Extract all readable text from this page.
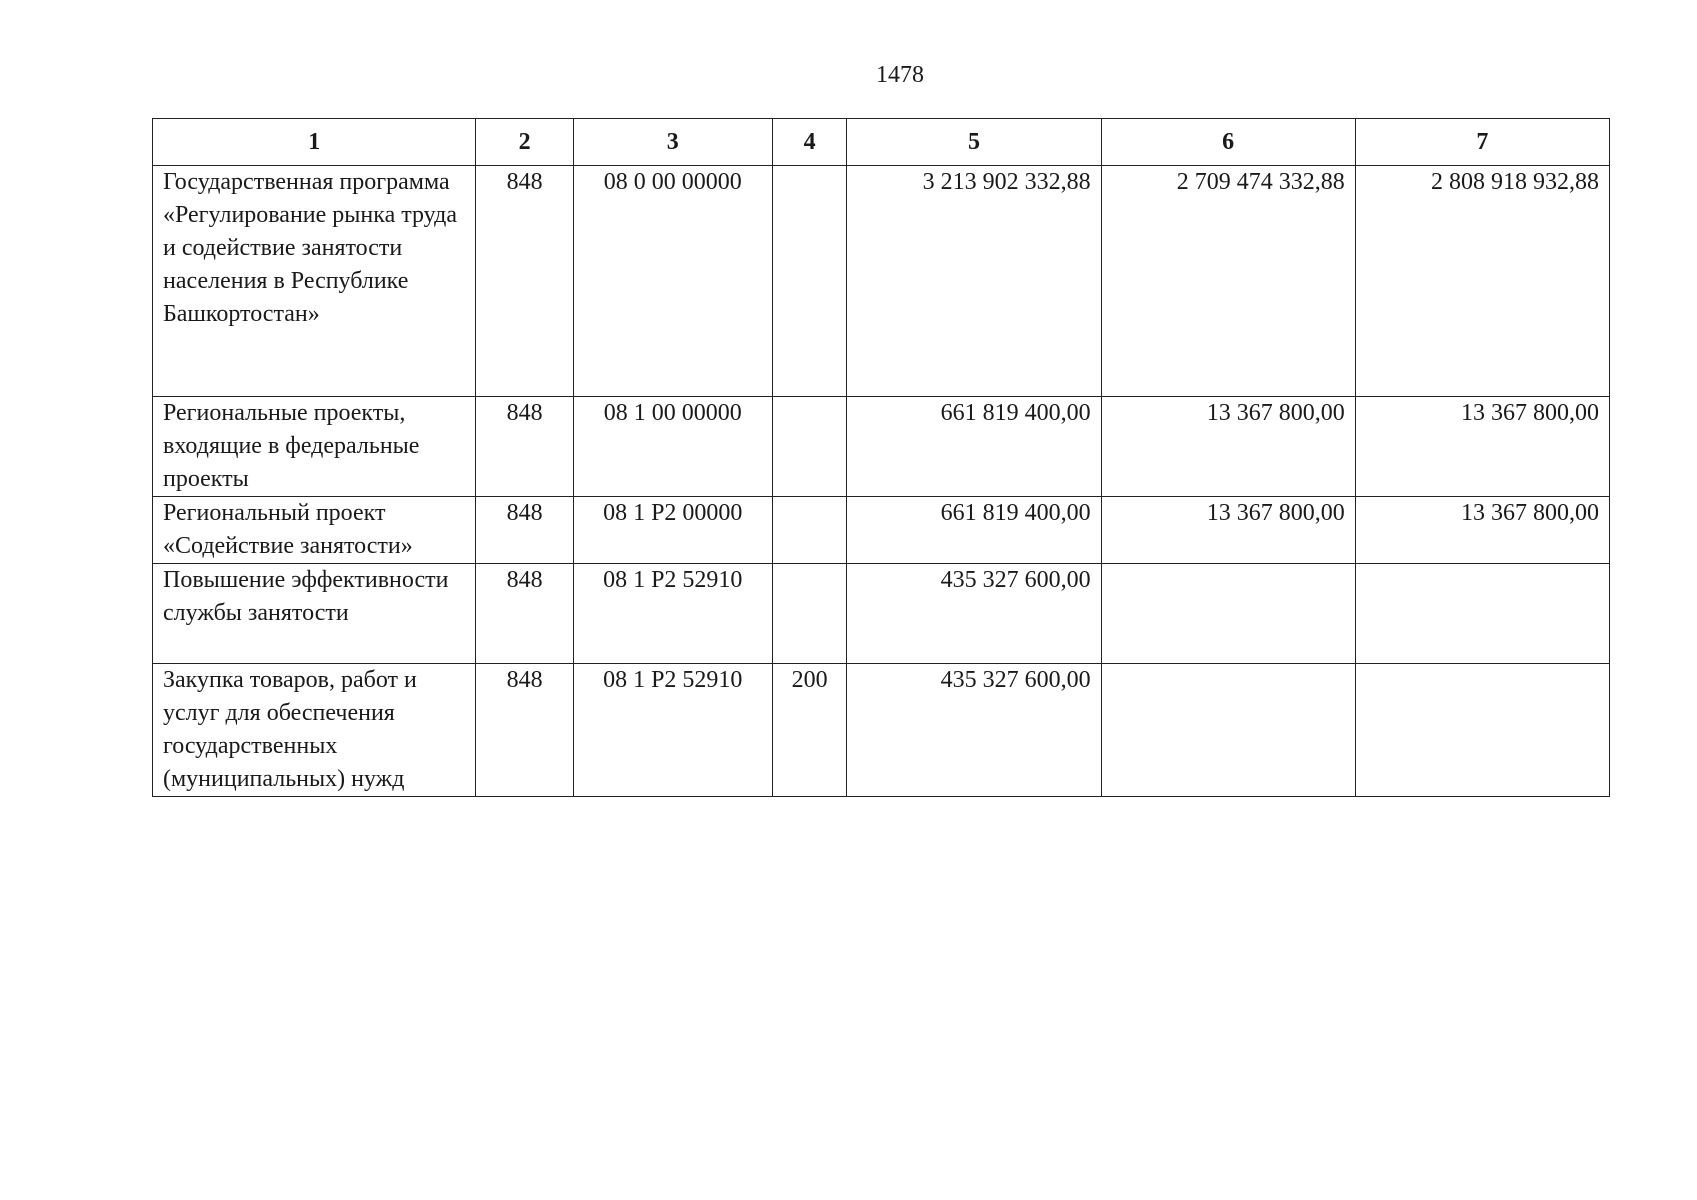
1478
1	2	3	4	5	6	7
Государственная программа «Регулирование рынка труда и содействие занятости населения в Республике Башкортостан»	848	08 0 00 00000		3 213 902 332,88	2 709 474 332,88	2 808 918 932,88
Региональные проекты, входящие в федеральные проекты	848	08 1 00 00000		661 819 400,00	13 367 800,00	13 367 800,00
Региональный проект «Содействие занятости»	848	08 1 Р2 00000		661 819 400,00	13 367 800,00	13 367 800,00
Повышение эффективности службы занятости	848	08 1 Р2 52910		435 327 600,00		
Закупка товаров, работ и услуг для обеспечения государственных (муниципальных) нужд	848	08 1 Р2 52910	200	435 327 600,00		
